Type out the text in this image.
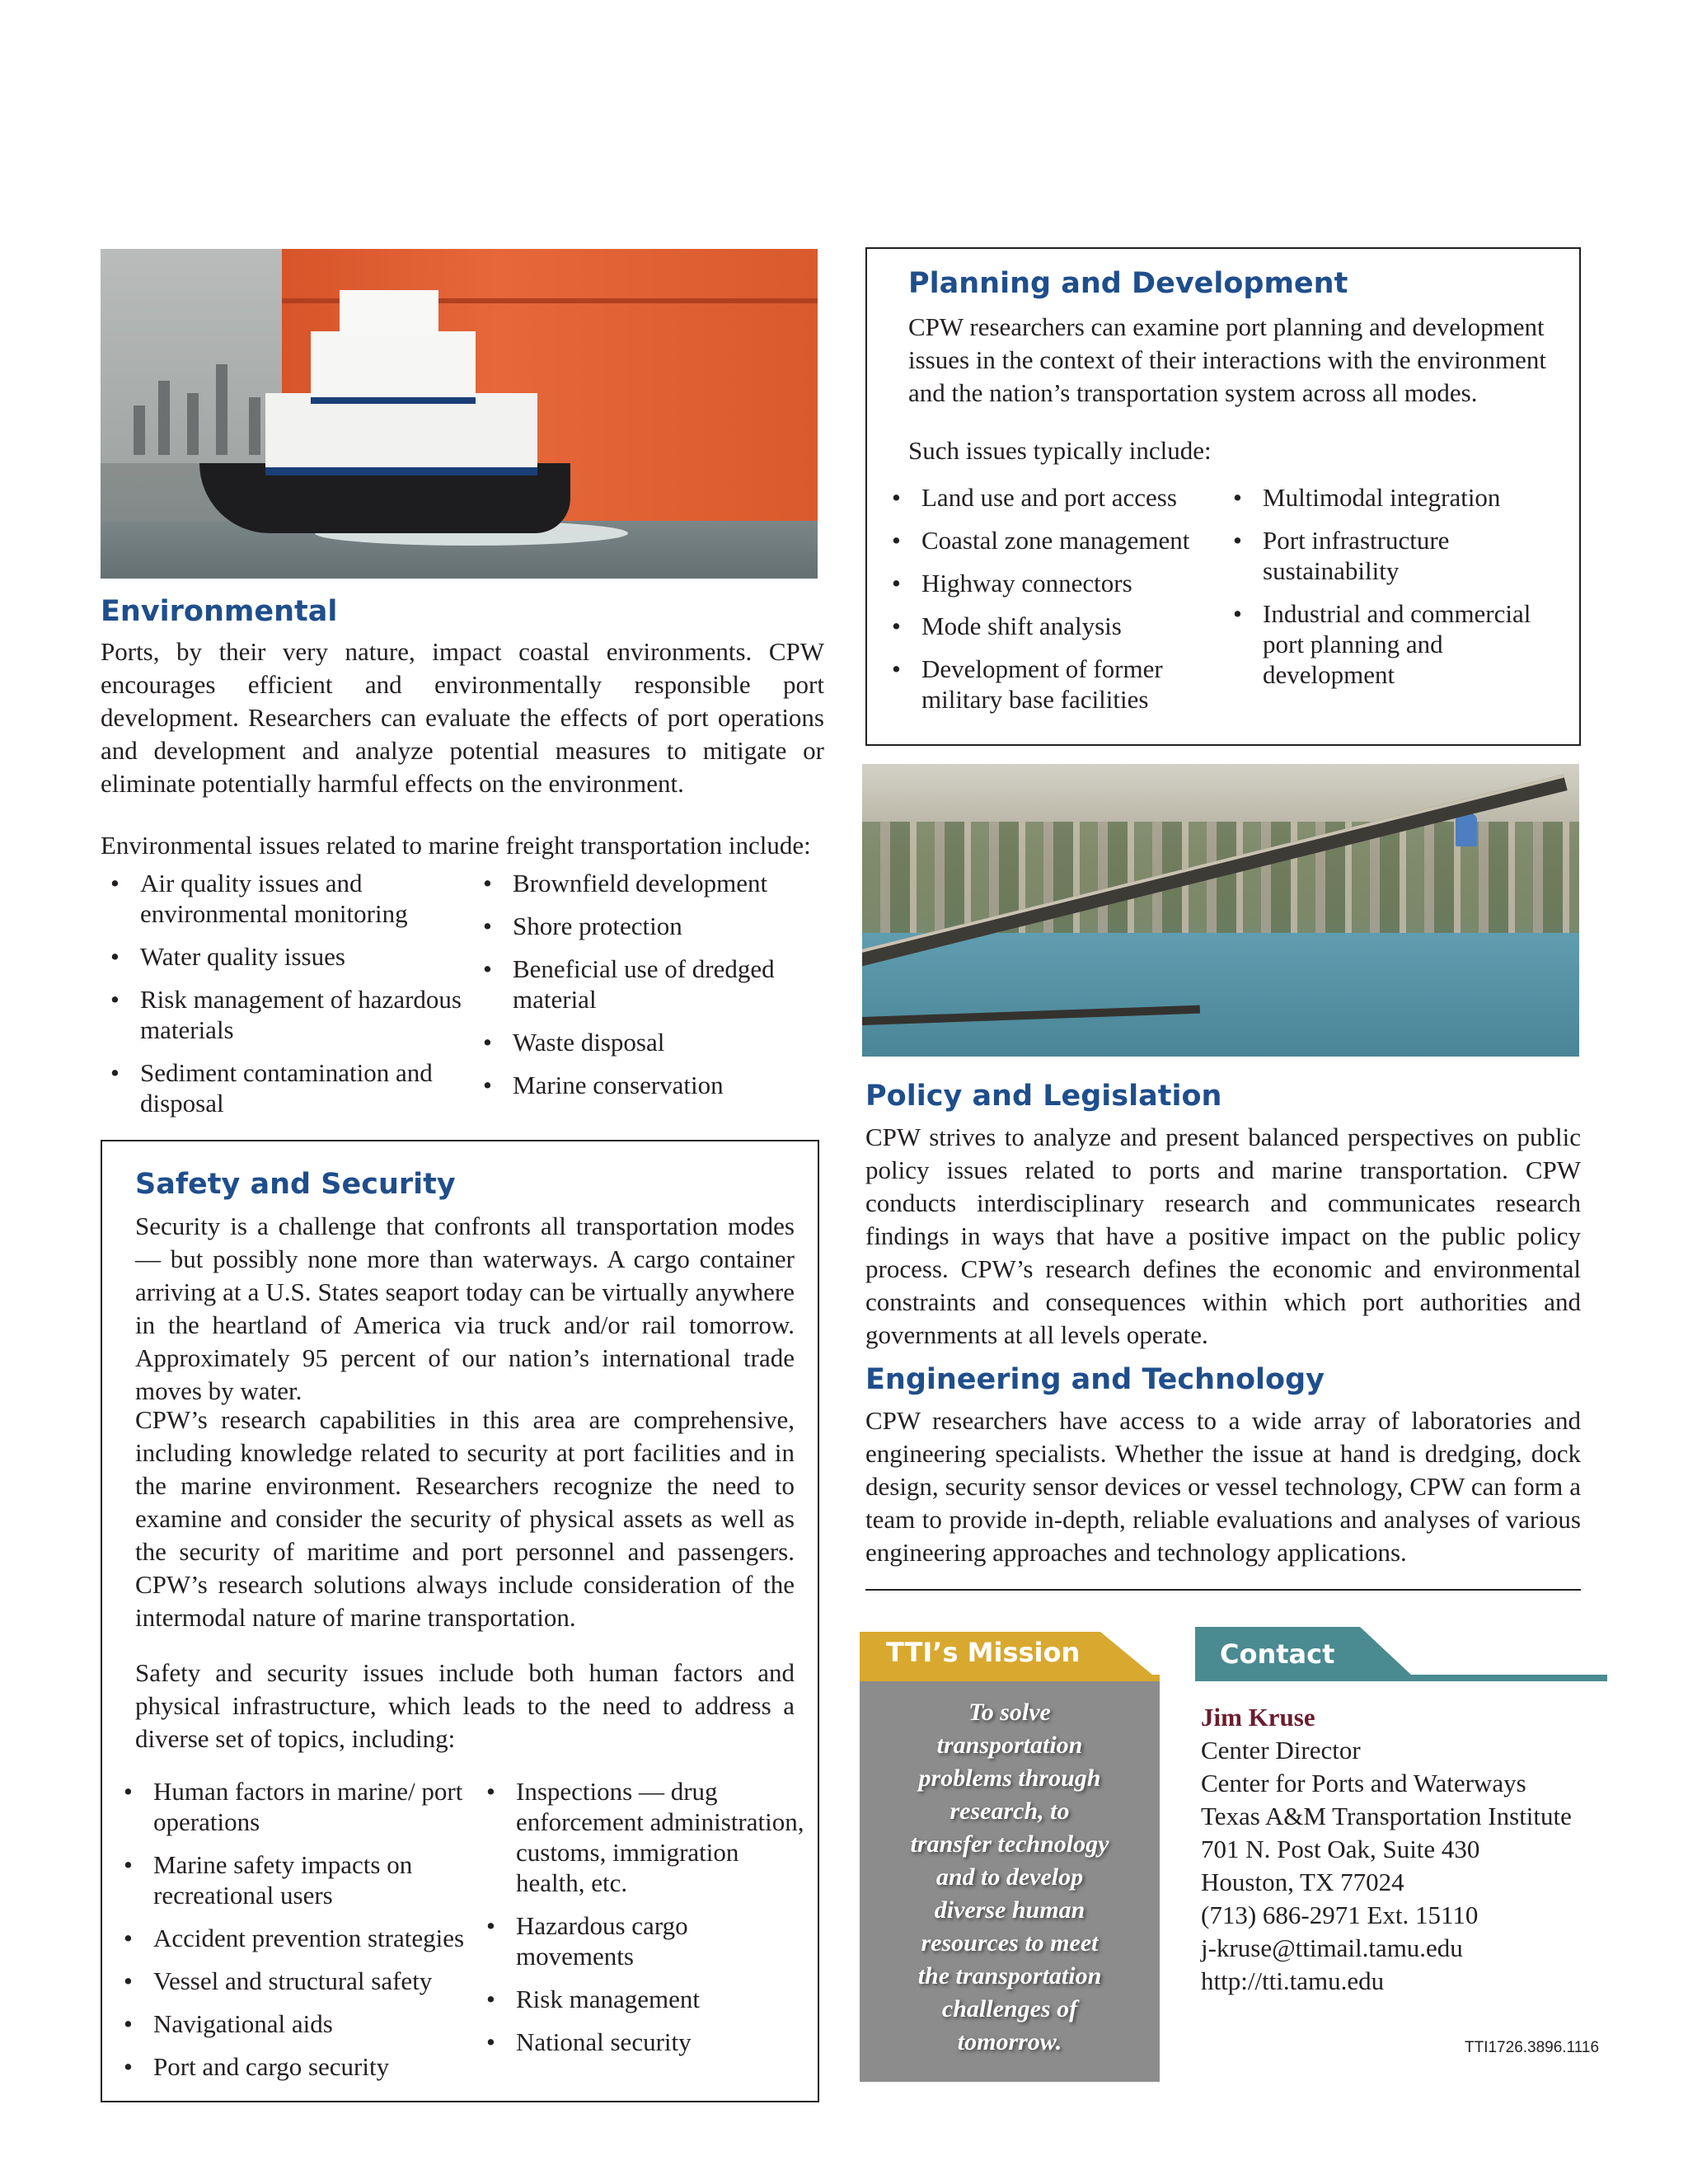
Environmental

Ports, by their very nature, impact coastal environments. CPW encourages efficient and environmentally responsible port development. Researchers can evaluate the effects of port operations and development and analyze potential measures to mitigate or eliminate potentially harmful effects on the environment.

Environmental issues related to marine freight transportation include:

• Air quality issues and environmental monitoring
• Water quality issues
• Risk management of hazardous materials
• Sediment contamination and disposal
• Brownfield development
• Shore protection
• Beneficial use of dredged material
• Waste disposal
• Marine conservation
Planning and Development

CPW researchers can examine port planning and development issues in the context of their interactions with the environment and the nation’s transportation system across all modes.

Such issues typically include:

• Land use and port access
• Coastal zone management
• Highway connectors
• Mode shift analysis
• Development of former military base facilities
• Multimodal integration
• Port infrastructure sustainability
• Industrial and commercial port planning and development
Policy and Legislation

CPW strives to analyze and present balanced perspectives on public policy issues related to ports and marine transportation. CPW conducts interdisciplinary research and communicates research findings in ways that have a positive impact on the public policy process. CPW’s research defines the economic and environmental constraints and consequences within which port authorities and governments at all levels operate.

Engineering and Technology

CPW researchers have access to a wide array of laboratories and engineering specialists. Whether the issue at hand is dredging, dock design, security sensor devices or vessel technology, CPW can form a team to provide in-depth, reliable evaluations and analyses of various engineering approaches and technology applications.

Safety and Security

Security is a challenge that confronts all transportation modes — but possibly none more than waterways. A cargo container arriving at a U.S. States seaport today can be virtually anywhere in the heartland of America via truck and/or rail tomorrow. Approximately 95 percent of our nation’s international trade moves by water.

CPW’s research capabilities in this area are comprehensive, including knowledge related to security at port facilities and in the marine environment. Researchers recognize the need to examine and consider the security of physical assets as well as the security of maritime and port personnel and passengers. CPW’s research solutions always include consideration of the intermodal nature of marine transportation.

Safety and security issues include both human factors and physical infrastructure, which leads to the need to address a diverse set of topics, including:

• Human factors in marine/ port operations
• Marine safety impacts on recreational users
• Accident prevention strategies
• Vessel and structural safety
• Navigational aids
• Port and cargo security
• Inspections — drug enforcement administration, customs, immigration health, etc.
• Hazardous cargo movements
• Risk management
• National security
TTI’s Mission
To solve
transportation
problems through
research, to
transfer technology
and to develop
diverse human
resources to meet
the transportation
challenges of
tomorrow.
Contact
Jim Kruse
Center Director
Center for Ports and Waterways
Texas A&M Transportation Institute
701 N. Post Oak, Suite 430
Houston, TX 77024
(713) 686-2971 Ext. 15110
j-kruse@ttimail.tamu.edu
http://tti.tamu.edu
TTI1726.3896.1116
